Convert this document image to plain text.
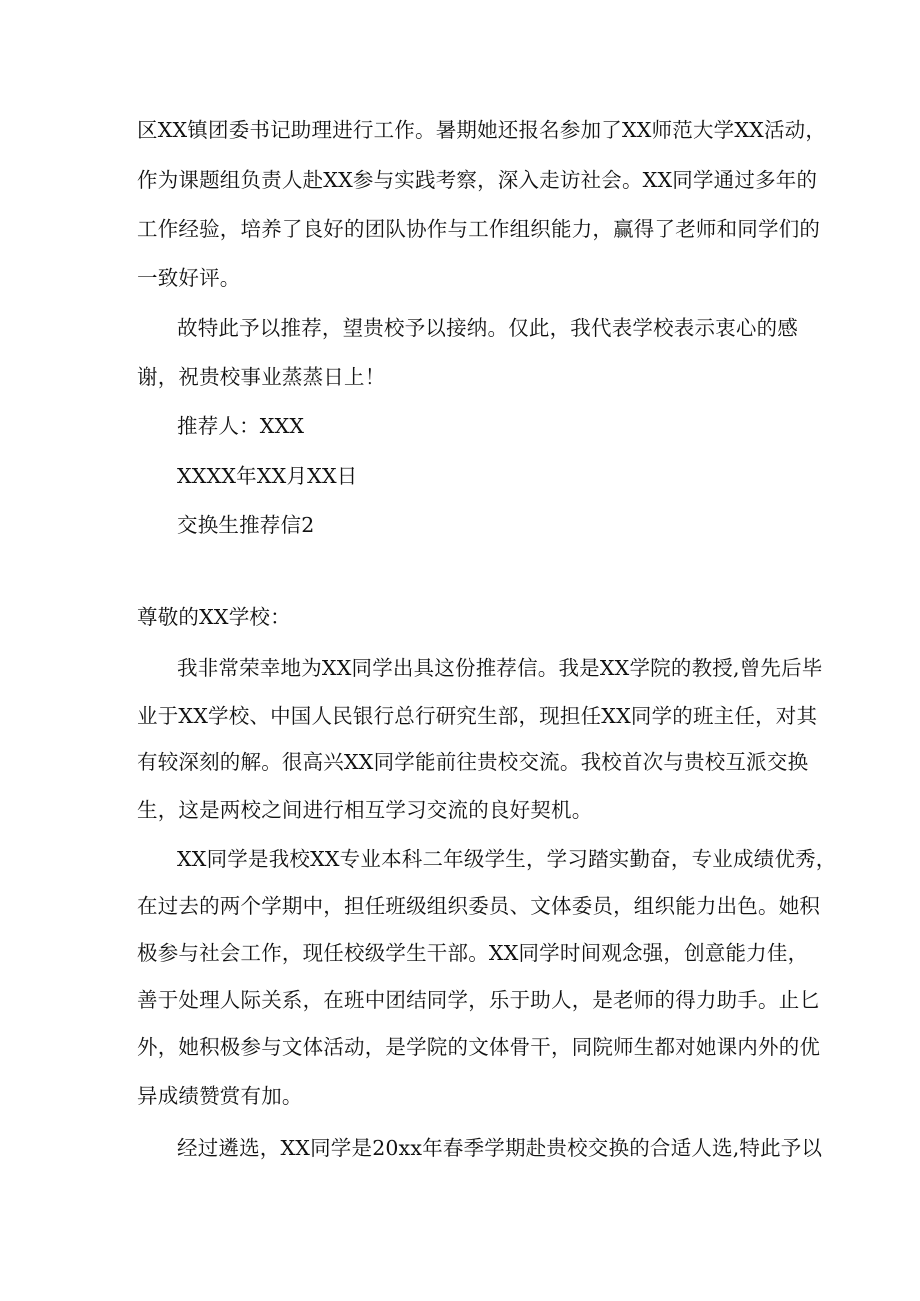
区XX镇团委书记助理进行工作。暑期她还报名参加了XX师范大学XX活动，
作为课题组负责人赴XX参与实践考察，深入走访社会。XX同学通过多年的
工作经验，培养了良好的团队协作与工作组织能力，赢得了老师和同学们的
一致好评。
故特此予以推荐，望贵校予以接纳。仅此，我代表学校表示衷心的感
谢，祝贵校事业蒸蒸日上！
推荐人：XXX
XXXX年XX月XX日
交换生推荐信2
尊敬的XX学校：
我非常荣幸地为XX同学出具这份推荐信。我是XX学院的教授,曾先后毕
业于XX学校、中国人民银行总行研究生部，现担任XX同学的班主任，对其
有较深刻的解。很高兴XX同学能前往贵校交流。我校首次与贵校互派交换
生，这是两校之间进行相互学习交流的良好契机。
XX同学是我校XX专业本科二年级学生，学习踏实勤奋，专业成绩优秀，
在过去的两个学期中，担任班级组织委员、文体委员，组织能力出色。她积
极参与社会工作，现任校级学生干部。XX同学时间观念强，创意能力佳，
善于处理人际关系，在班中团结同学，乐于助人，是老师的得力助手。止匕
外，她积极参与文体活动，是学院的文体骨干，同院师生都对她课内外的优
异成绩赞赏有加。
经过遴选，XX同学是20xx年春季学期赴贵校交换的合适人选,特此予以
